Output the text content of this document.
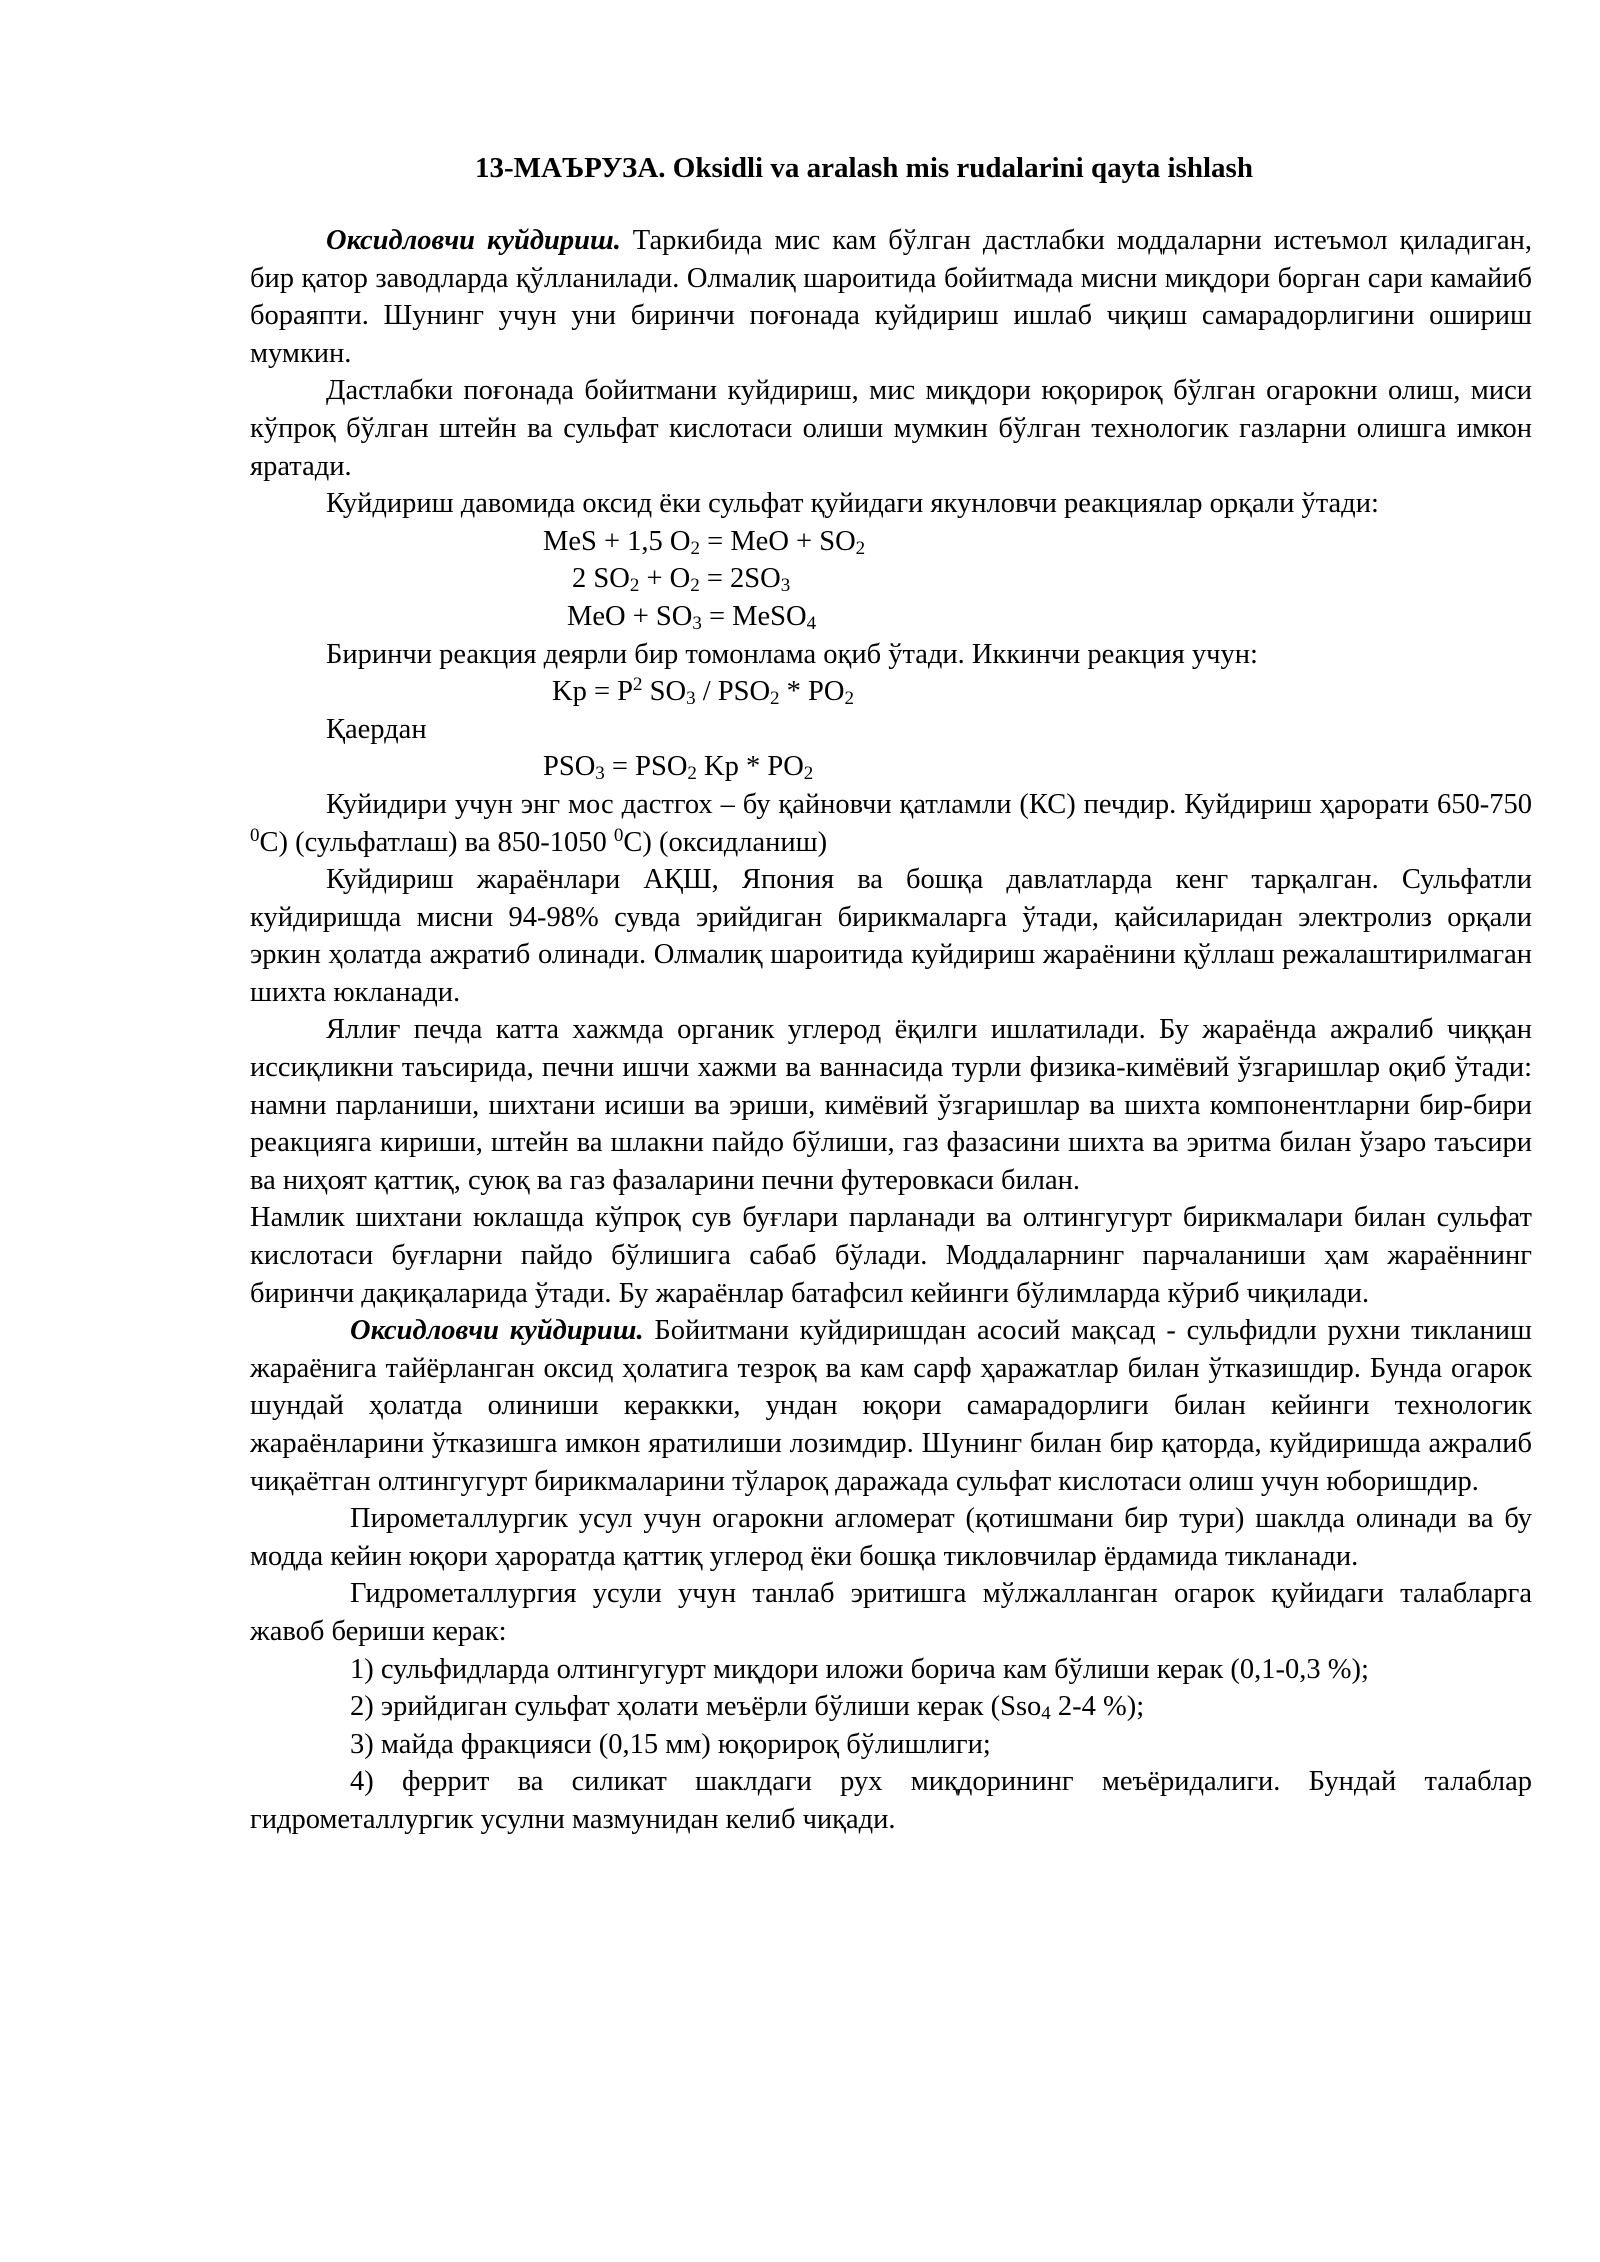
13-МАЪРУЗА. Oksidli va aralash mis rudalarini qayta ishlash

Оксидловчи куйдириш. Таркибида мис кам бўлган дастлабки моддаларни истеъмол қиладиган, бир қатор заводларда қўлланилади. Олмалиқ шароитида бойитмада мисни миқдори борган сари камайиб бораяпти. Шунинг учун уни биринчи поғонада куйдириш ишлаб чиқиш самарадорлигини ошириш мумкин.

Дастлабки поғонада бойитмани куйдириш, мис миқдори юқорироқ бўлган огарокни олиш, миси кўпроқ бўлган штейн ва сульфат кислотаси олиши мумкин бўлган технологик газларни олишга имкон яратади.

Куйдириш давомида оксид ёки сульфат қуйидаги якунловчи реакциялар орқали ўтади:

MeS + 1,5 $O_2$ = MeO + $SO_2$
2 $SO_2 + O_2 = 2SO_3$
MeO + $SO_3$ = MeSO$_4$

Биринчи реакция деярли бир томонлама оқиб ўтади. Иккинчи реакция учун:

$Kp = P^2$ $SO_3 / PSO_2 * PO_2$

Қаердан

$PSO_3 = PSO_2$ Kp * $PO_2$

Куйидири учун энг мос дастгох – бу қайновчи қатламли (КС) печдир. Куйдириш ҳарорати 650-750 $^0$С) (сульфатлаш) ва 850-1050 $^0$С) (оксидланиш)

Куйдириш жараёнлари АҚШ, Япония ва бошқа давлатларда кенг тарқалган. Сульфатли куйдиришда мисни 94-98% сувда эрийдиган бирикмаларга ўтади, қайсиларидан электролиз орқали эркин ҳолатда ажратиб олинади. Олмалиқ шароитида куйдириш жараёнини қўллаш режалаштирилмаган шихта юкланади.

Яллиғ печда катта хажмда органик углерод ёқилги ишлатилади. Бу жараёнда ажралиб чиққан иссиқликни таъсирида, печни ишчи хажми ва ваннасида турли физика-кимёвий ўзгаришлар оқиб ўтади: намни парланиши, шихтани исиши ва эриши, кимёвий ўзгаришлар ва шихта компонентларни бир-бири реакцияга кириши, штейн ва шлакни пайдо бўлиши, газ фазасини шихта ва эритма билан ўзаро таъсири ва ниҳоят қаттиқ, суюқ ва газ фазаларини печни футеровкаси билан.

Намлик шихтани юклашда кўпроқ сув буғлари парланади ва олтингугурт бирикмалари билан сульфат кислотаси буғларни пайдо бўлишига сабаб бўлади. Моддаларнинг парчаланиши ҳам жараённинг биринчи дақиқаларида ўтади. Бу жараёнлар батафсил кейинги бўлимларда кўриб чиқилади.

Оксидловчи куйдириш. Бойитмани куйдиришдан асосий мақсад - сульфидли рухни тикланиш жараёнига тайёрланган оксид ҳолатига тезроқ ва кам сарф ҳаражатлар билан ўтказишдир. Бунда огарок шундай ҳолатда олиниши кераккки, ундан юқори самарадорлиги билан кейинги технологик жараёнларини ўтказишга имкон яратилиши лозимдир. Шунинг билан бир қаторда, куйдиришда ажралиб чиқаётган олтингугурт бирикмаларини тўлароқ даражада сульфат кислотаси олиш учун юборишдир.

Пирометаллургик усул учун огарокни агломерат (қотишмани бир тури) шаклда олинади ва бу модда кейин юқори ҳароратда қаттиқ углерод ёки бошқа тикловчилар ёрдамида тикланади.

Гидрометаллургия усули учун танлаб эритишга мўлжалланган огарок қуйидаги талабларга жавоб бериши керак:

1) сульфидларда олтингугурт миқдори иложи борича кам бўлиши керак (0,1-0,3 %);

2) эрийдиган сульфат ҳолати меъёрли бўлиши керак (Sso$_4$ 2-4 %);

3) майда фракцияси (0,15 мм) юқорироқ бўлишлиги;

4) феррит ва силикат шаклдаги рух миқдорининг меъёридалиги. Бундай талаблар гидрометаллургик усулни мазмунидан келиб чиқади.
